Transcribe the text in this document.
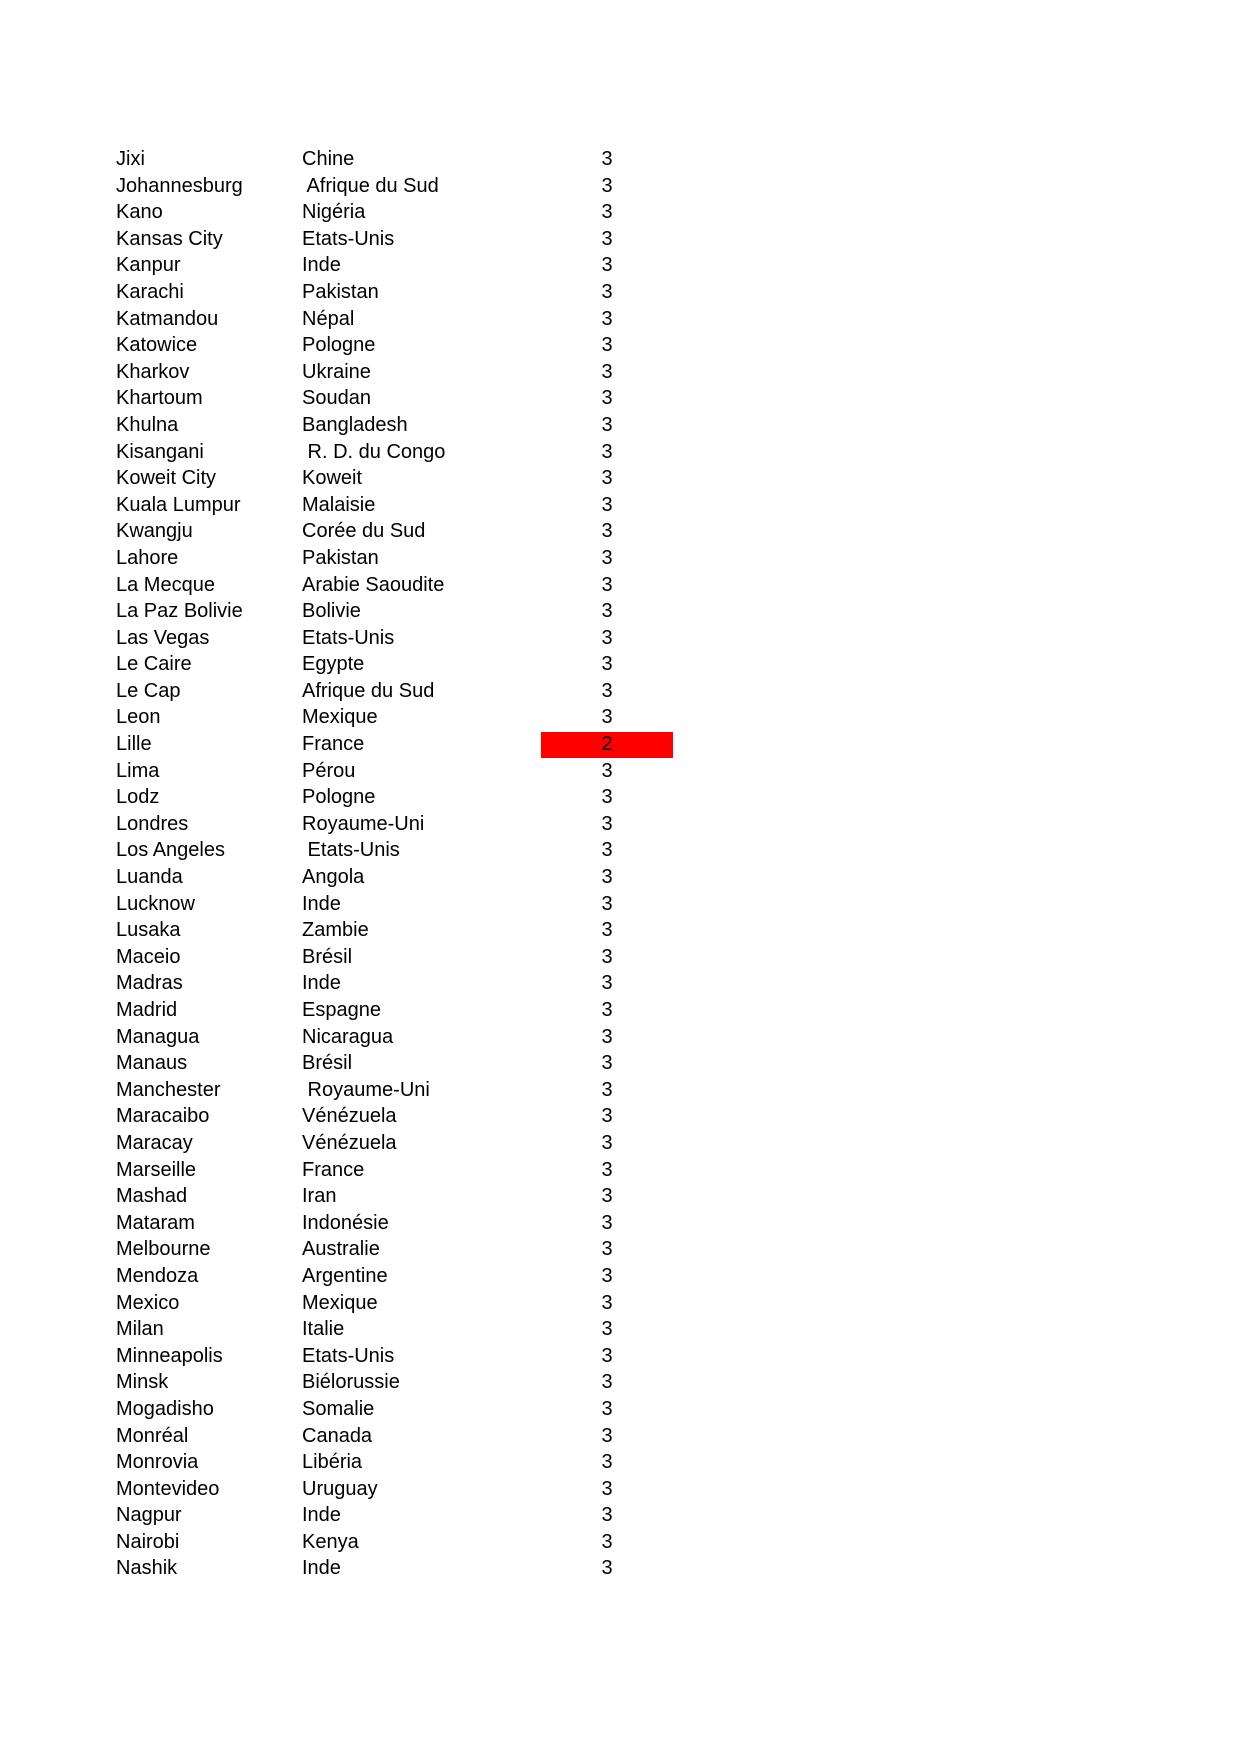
Jixi	Chine	3
Johannesburg	Afrique du Sud	3
Kano	Nigéria	3
Kansas City	Etats-Unis	3
Kanpur	Inde	3
Karachi	Pakistan	3
Katmandou	Népal	3
Katowice	Pologne	3
Kharkov	Ukraine	3
Khartoum	Soudan	3
Khulna	Bangladesh	3
Kisangani	R. D. du Congo	3
Koweit City	Koweit	3
Kuala Lumpur	Malaisie	3
Kwangju	Corée du Sud	3
Lahore	Pakistan	3
La Mecque	Arabie Saoudite	3
La Paz Bolivie	Bolivie	3
Las Vegas	Etats-Unis	3
Le Caire	Egypte	3
Le Cap	Afrique du Sud	3
Leon	Mexique	3
Lille	France	2
Lima	Pérou	3
Lodz	Pologne	3
Londres	Royaume-Uni	3
Los Angeles	Etats-Unis	3
Luanda	Angola	3
Lucknow	Inde	3
Lusaka	Zambie	3
Maceio	Brésil	3
Madras	Inde	3
Madrid	Espagne	3
Managua	Nicaragua	3
Manaus	Brésil	3
Manchester	Royaume-Uni	3
Maracaibo	Vénézuela	3
Maracay	Vénézuela	3
Marseille	France	3
Mashad	Iran	3
Mataram	Indonésie	3
Melbourne	Australie	3
Mendoza	Argentine	3
Mexico	Mexique	3
Milan	Italie	3
Minneapolis	Etats-Unis	3
Minsk	Biélorussie	3
Mogadisho	Somalie	3
Monréal	Canada	3
Monrovia	Libéria	3
Montevideo	Uruguay	3
Nagpur	Inde	3
Nairobi	Kenya	3
Nashik	Inde	3
